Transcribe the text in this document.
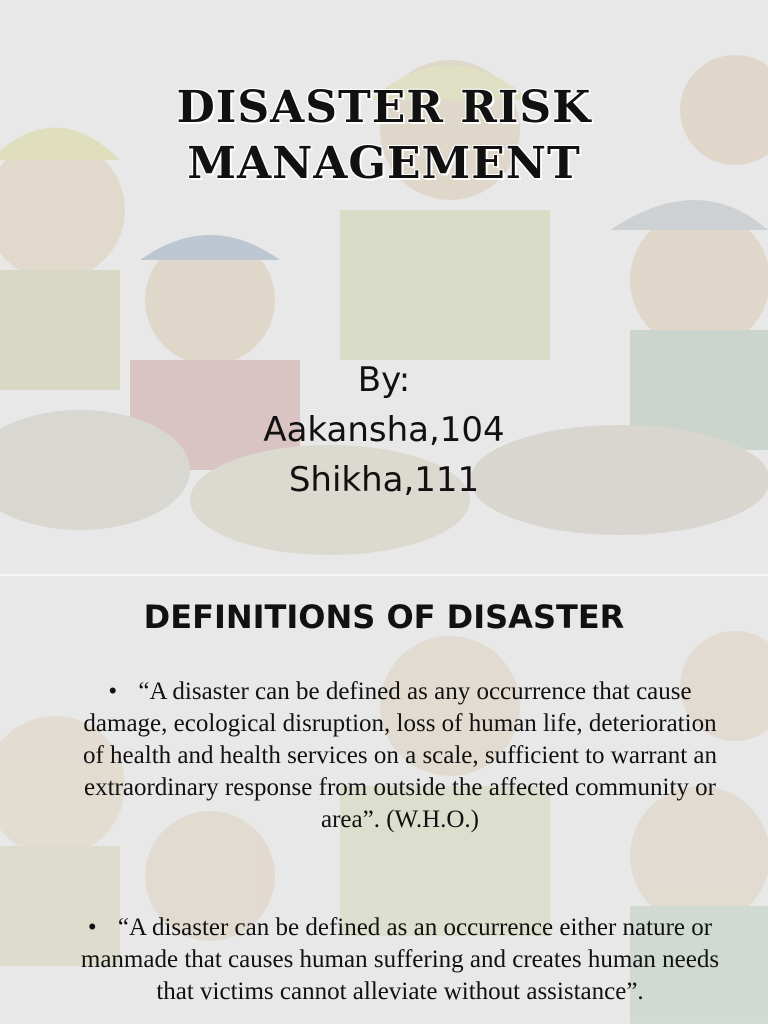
DISASTER RISK
MANAGEMENT
By:
Aakansha,104
Shikha,111
DEFINITIONS OF DISASTER
• “A disaster can be defined as any occurrence that cause damage, ecological disruption, loss of human life, deterioration of health and health services on a scale, sufficient to warrant an extraordinary response from outside the affected community or area”. (W.H.O.)
• “A disaster can be defined as an occurrence either nature or manmade that causes human suffering and creates human needs that victims cannot alleviate without assistance”.
